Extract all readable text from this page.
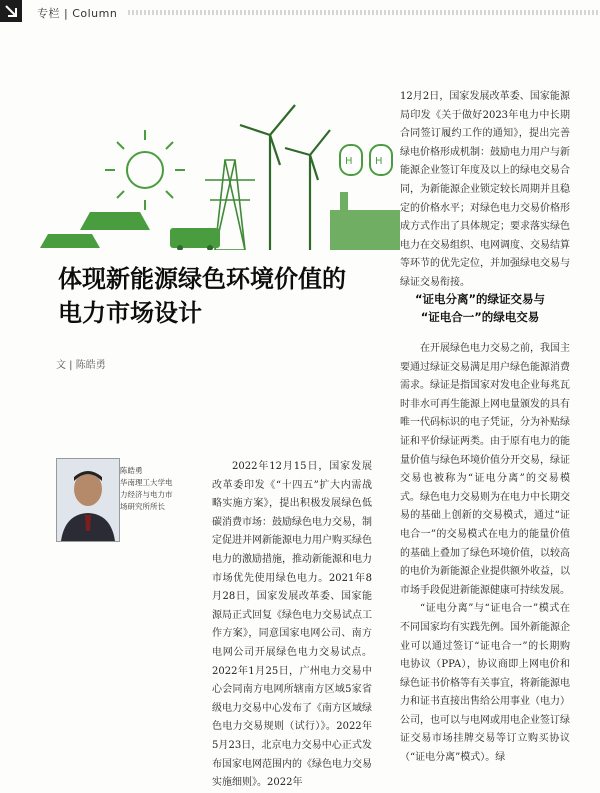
专栏 | Column
H H
体现新能源绿色环境价值的
电力市场设计
文 | 陈皓勇
陈皓勇
华南理工大学电
力经济与电力市
场研究所所长

2022年12月15日，国家发展改革委印发《“十四五”扩大内需战略实施方案》，提出积极发展绿色低碳消费市场：鼓励绿色电力交易，制定促进并网新能源电力用户购买绿色电力的激励措施，推动新能源和电力市场优先使用绿色电力。2021年8月28日，国家发展改革委、国家能源局正式回复《绿色电力交易试点工作方案》，同意国家电网公司、南方电网公司开展绿色电力交易试点。2022年1月25日，广州电力交易中心会同南方电网所辖南方区域5家省级电力交易中心发布了《南方区域绿色电力交易规则（试行）》。2022年5月23日，北京电力交易中心正式发布国家电网范围内的《绿色电力交易实施细则》。2022年

12月2日，国家发展改革委、国家能源局印发《关于做好2023年电力中长期合同签订履约工作的通知》，提出完善绿电价格形成机制：鼓励电力用户与新能源企业签订年度及以上的绿电交易合同，为新能源企业锁定较长周期并且稳定的价格水平；对绿色电力交易价格形成方式作出了具体规定；要求落实绿色电力在交易组织、电网调度、交易结算等环节的优先定位，并加强绿电交易与绿证交易衔接。

“证电分离”的绿证交易与
“证电合一”的绿电交易

在开展绿色电力交易之前，我国主要通过绿证交易满足用户绿色能源消费需求。绿证是指国家对发电企业每兆瓦时非水可再生能源上网电量颁发的具有唯一代码标识的电子凭证，分为补贴绿证和平价绿证两类。由于原有电力的能量价值与绿色环境价值分开交易，绿证交易也被称为“证电分离”的交易模式。绿色电力交易则为在电力中长期交易的基础上创新的交易模式，通过“证电合一”的交易模式在电力的能量价值的基础上叠加了绿色环境价值，以较高的电价为新能源企业提供额外收益，以市场手段促进新能源健康可持续发展。

“证电分离”与“证电合一”模式在不同国家均有实践先例。国外新能源企业可以通过签订“证电合一”的长期购电协议（PPA），协议商即上网电价和绿色证书价格等有关事宜，将新能源电力和证书直接出售给公用事业（电力）公司，也可以与电网或用电企业签订绿证交易市场挂牌交易等订立购买协议（“证电分离”模式）。绿
